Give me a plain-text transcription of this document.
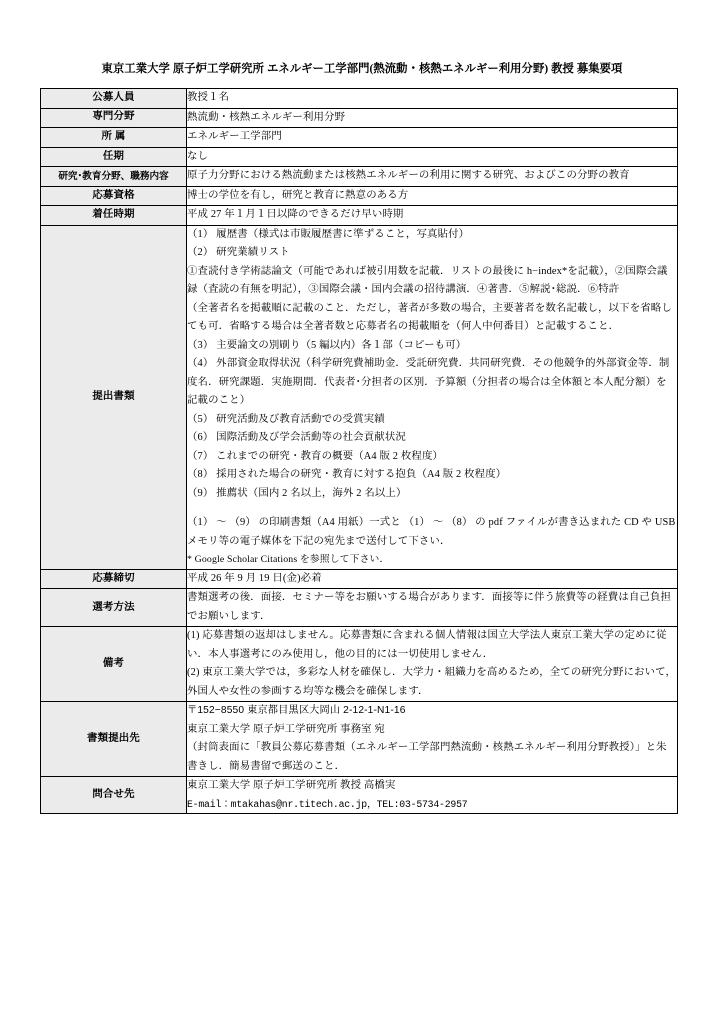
東京工業大学 原子炉工学研究所 エネルギー工学部門(熱流動・核熱エネルギー利用分野) 教授 募集要項
公募人員	教授１名

専門分野	熱流動・核熱エネルギー利用分野

所 属	エネルギー工学部門

任期	なし

研究･教育分野、職務内容	原子力分野における熱流動または核熱エネルギーの利用に関する研究、およびこの分野の教育

応募資格	博士の学位を有し，研究と教育に熱意のある方

着任時期	平成 27 年１月１日以降のできるだけ早い時期

提出書類	
（1） 履歴書（様式は市販履歴書に準ずること，写真貼付）
（2） 研究業績リスト
①査読付き学術誌論文（可能であれば被引用数を記載．リストの最後に h−index*を記載），②国際会議録（査読の有無を明記），③国際会議・国内会議の招待講演．④著書．⑤解説･総説．⑥特許
（全著者名を掲載順に記載のこと．ただし，著者が多数の場合，主要著者を数名記載し，以下を省略しても可．省略する場合は全著者数と応募者名の掲載順を（何人中何番目）と記載すること．
（3） 主要論文の別刷り（5 編以内）各１部（コピーも可）
（4） 外部資金取得状況（科学研究費補助金．受託研究費．共同研究費．その他競争的外部資金等．制度名．研究課題．実施期間．代表者･分担者の区別．予算額（分担者の場合は全体額と本人配分額）を記載のこと）
（5） 研究活動及び教育活動での受賞実績
（6） 国際活動及び学会活動等の社会貢献状況
（7） これまでの研究・教育の概要（A4 版 2 枚程度）
（8） 採用された場合の研究・教育に対する抱負（A4 版 2 枚程度）
（9） 推薦状（国内 2 名以上，海外 2 名以上）
（1） ～ （9） の印刷書類（A4 用紙）一式と （1） ～ （8） の pdf ファイルが書き込まれた CD や USB メモリ等の電子媒体を下記の宛先まで送付して下さい．
* Google Scholar Citations を参照して下さい．

応募締切	平成 26 年 9 月 19 日(金)必着

選考方法	書類選考の後．面接．セミナー等をお願いする場合があります．面接等に伴う旅費等の経費は自己負担でお願いします．

備考	(1) 応募書類の返却はしません。応募書類に含まれる個人情報は国立大学法人東京工業大学の定めに従い．本人事選考にのみ使用し，他の目的には一切使用しません．
(2) 東京工業大学では，多彩な人材を確保し．大学力・組織力を高めるため，全ての研究分野において，外国人や女性の参画する均等な機会を確保します．

書類提出先	〒152−8550 東京都目黒区大岡山 2-12-1-N1-16
東京工業大学 原子炉工学研究所 事務室 宛
（封筒表面に「教員公募応募書類（エネルギー工学部門熱流動・核熱エネルギー利用分野教授）」と朱書きし．簡易書留で郵送のこと．

問合せ先	東京工業大学 原子炉工学研究所 教授 高橋実
E-mail：mtakahas@nr.titech.ac.jp，TEL:03-5734-2957
